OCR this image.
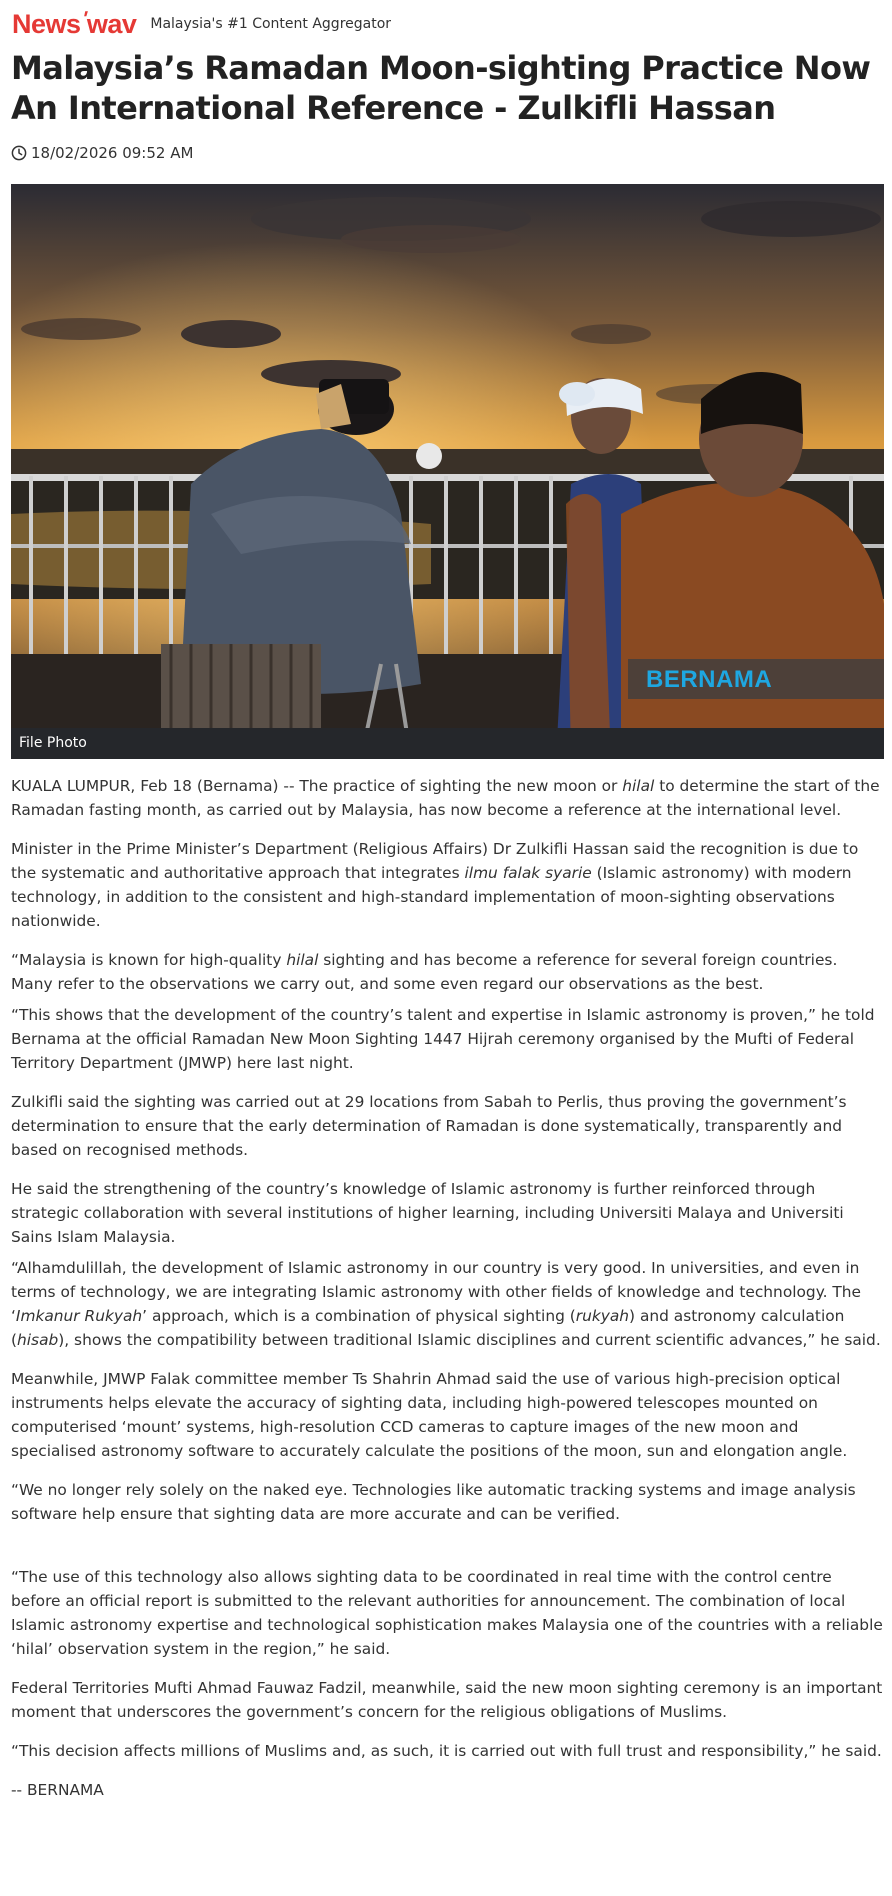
News'wav Malaysia's #1 Content Aggregator
Malaysia’s Ramadan Moon-sighting Practice Now An International Reference - Zulkifli Hassan
18/02/2026 09:52 AM
BERNAMA
File Photo

KUALA LUMPUR, Feb 18 (Bernama) -- The practice of sighting the new moon or hilal to determine the start of the Ramadan fasting month, as carried out by Malaysia, has now become a reference at the international level.

Minister in the Prime Minister’s Department (Religious Affairs) Dr Zulkifli Hassan said the recognition is due to the systematic and authoritative approach that integrates ilmu falak syarie (Islamic astronomy) with modern technology, in addition to the consistent and high-standard implementation of moon-sighting observations nationwide.

“Malaysia is known for high-quality hilal sighting and has become a reference for several foreign countries. Many refer to the observations we carry out, and some even regard our observations as the best.

“This shows that the development of the country’s talent and expertise in Islamic astronomy is proven,” he told Bernama at the official Ramadan New Moon Sighting 1447 Hijrah ceremony organised by the Mufti of Federal Territory Department (JMWP) here last night.

Zulkifli said the sighting was carried out at 29 locations from Sabah to Perlis, thus proving the government’s determination to ensure that the early determination of Ramadan is done systematically, transparently and based on recognised methods.

He said the strengthening of the country’s knowledge of Islamic astronomy is further reinforced through strategic collaboration with several institutions of higher learning, including Universiti Malaya and Universiti Sains Islam Malaysia.

“Alhamdulillah, the development of Islamic astronomy in our country is very good. In universities, and even in terms of technology, we are integrating Islamic astronomy with other fields of knowledge and technology. The ‘Imkanur Rukyah’ approach, which is a combination of physical sighting (rukyah) and astronomy calculation (hisab), shows the compatibility between traditional Islamic disciplines and current scientific advances,” he said.

Meanwhile, JMWP Falak committee member Ts Shahrin Ahmad said the use of various high-precision optical instruments helps elevate the accuracy of sighting data, including high-powered telescopes mounted on computerised ‘mount’ systems, high-resolution CCD cameras to capture images of the new moon and specialised astronomy software to accurately calculate the positions of the moon, sun and elongation angle.

“We no longer rely solely on the naked eye. Technologies like automatic tracking systems and image analysis software help ensure that sighting data are more accurate and can be verified.

“The use of this technology also allows sighting data to be coordinated in real time with the control centre before an official report is submitted to the relevant authorities for announcement. The combination of local Islamic astronomy expertise and technological sophistication makes Malaysia one of the countries with a reliable ‘hilal’ observation system in the region,” he said.

Federal Territories Mufti Ahmad Fauwaz Fadzil, meanwhile, said the new moon sighting ceremony is an important moment that underscores the government’s concern for the religious obligations of Muslims.

“This decision affects millions of Muslims and, as such, it is carried out with full trust and responsibility,” he said.

-- BERNAMA
